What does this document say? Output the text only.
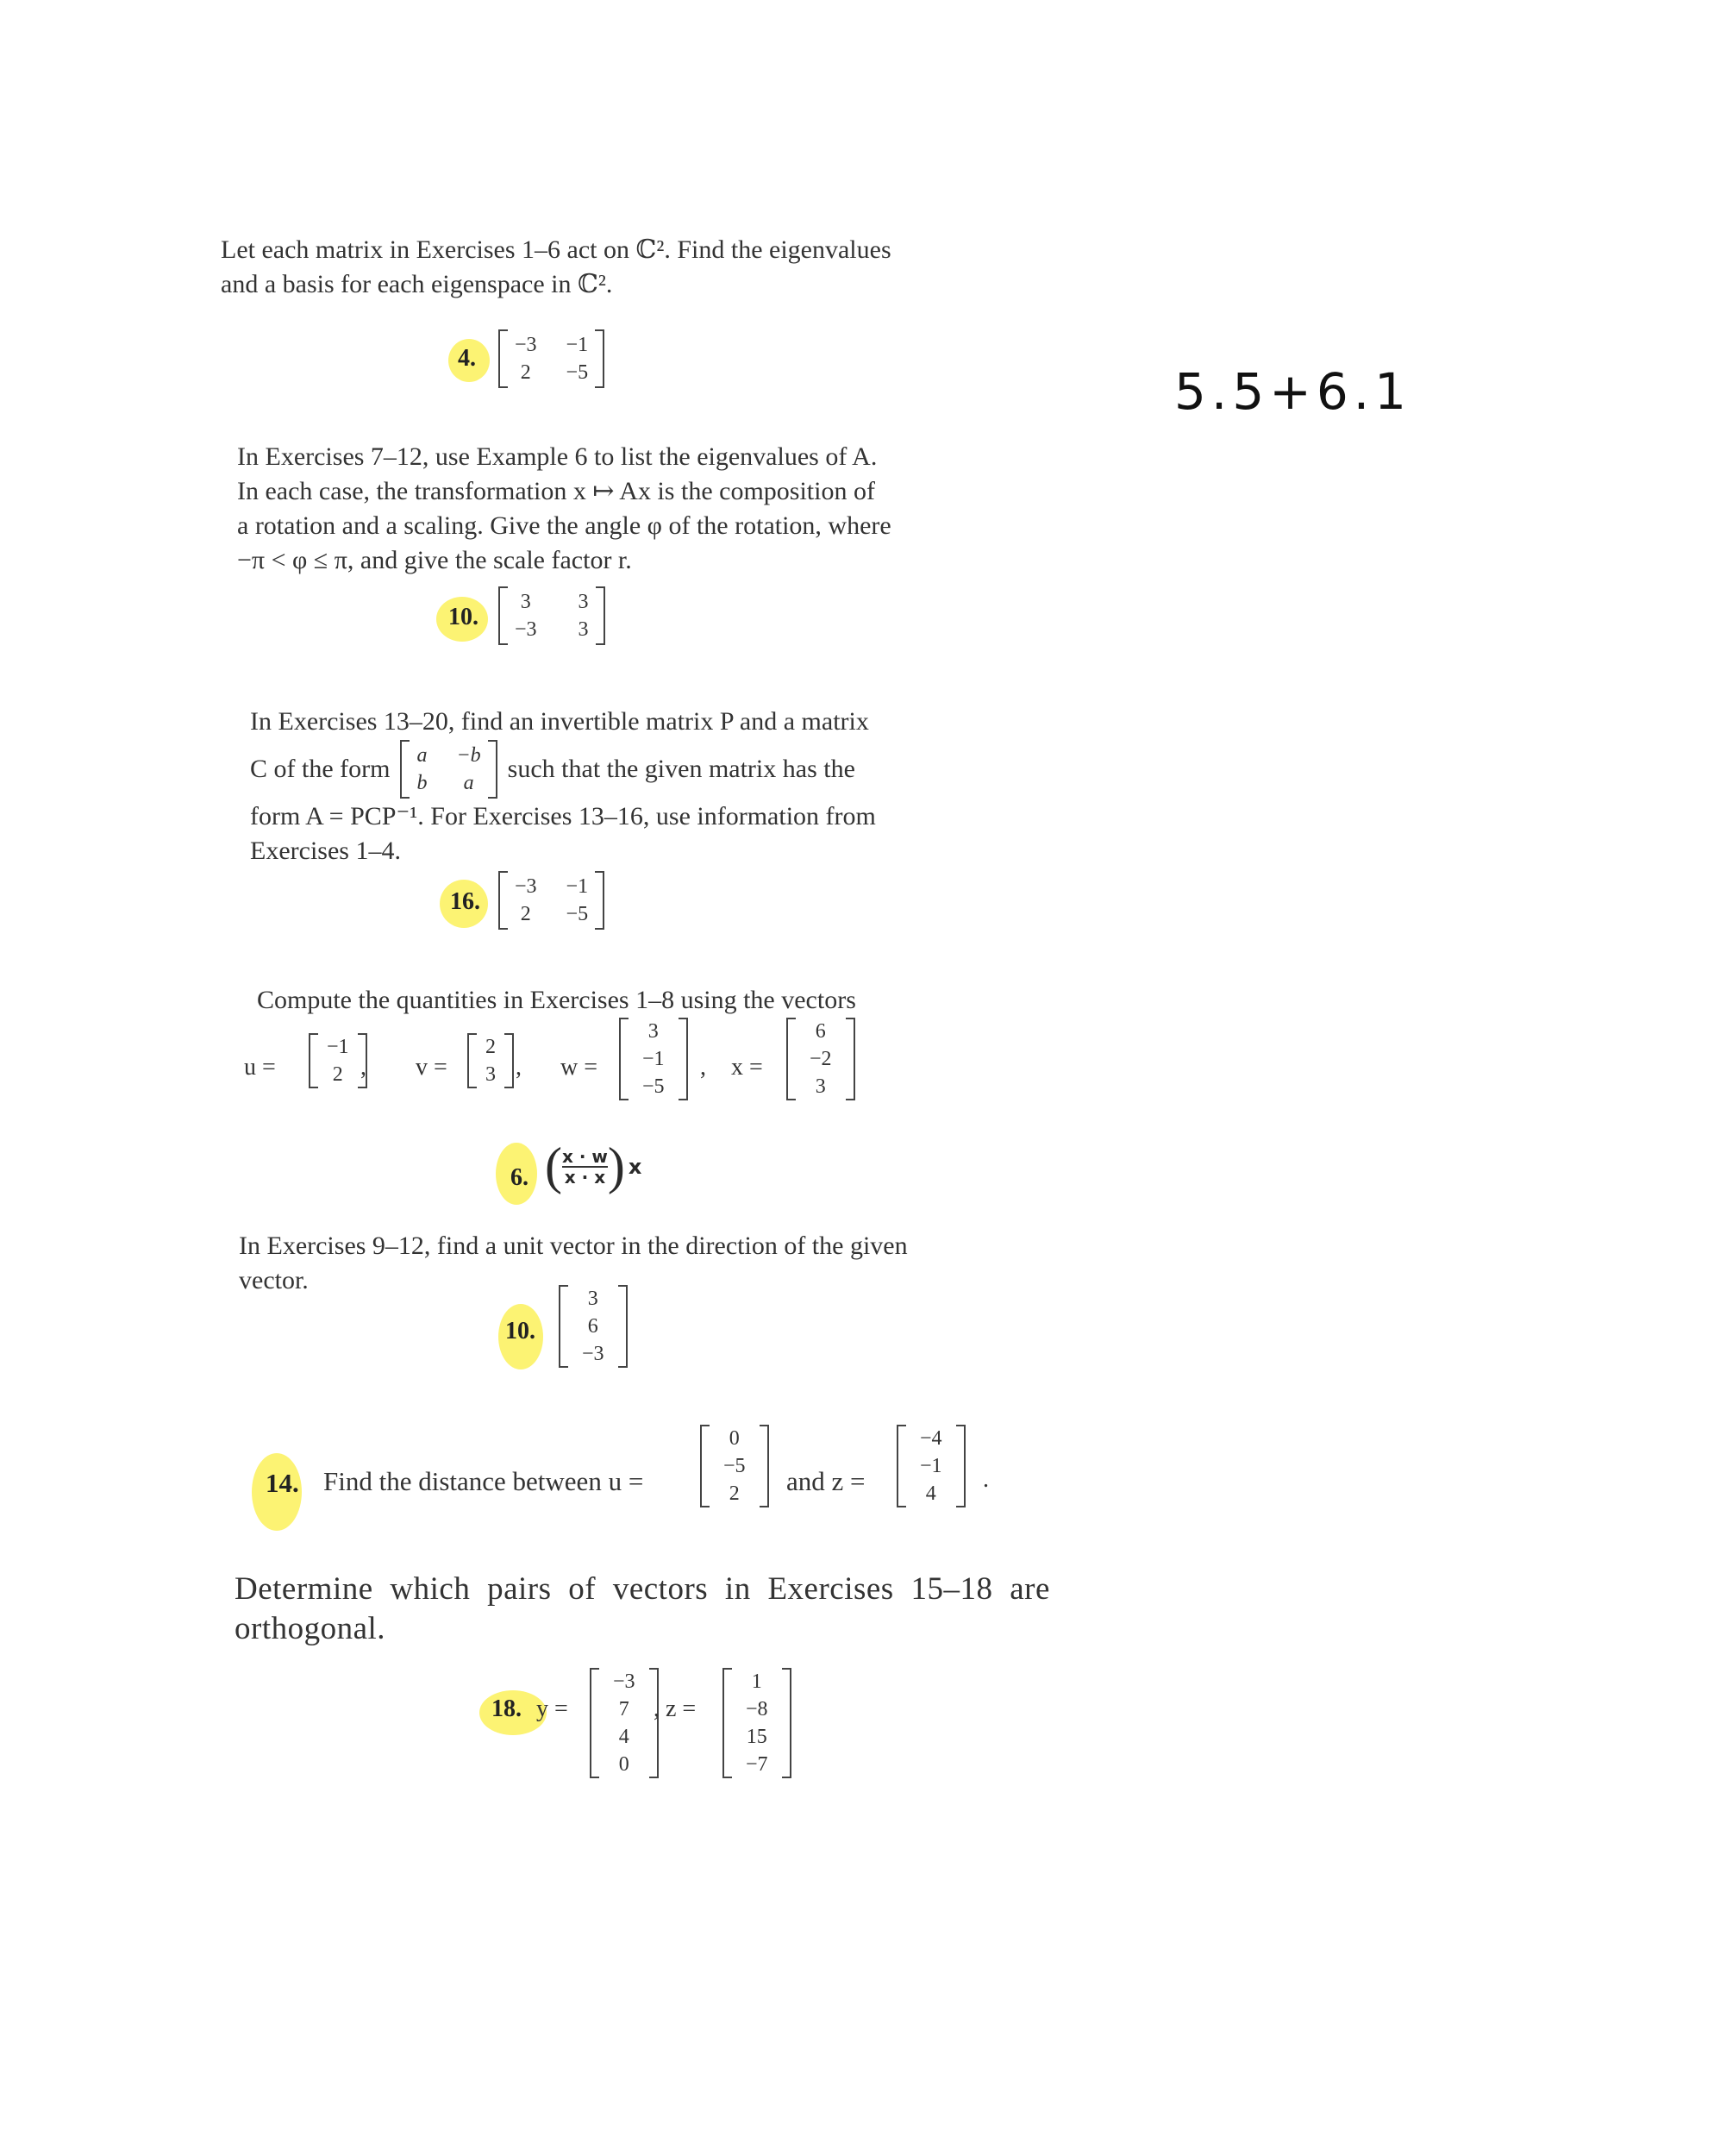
5.5+6.1
Let each matrix in Exercises 1–6 act on ℂ². Find the eigenvalues
and a basis for each eigenspace in ℂ².
4. −3 −1
2 −5
In Exercises 7–12, use Example 6 to list the eigenvalues of A.
In each case, the transformation x ↦ Ax is the composition of
a rotation and a scaling. Give the angle φ of the rotation, where
−π < φ ≤ π, and give the scale factor r.
10.
3 3
−3 3
In Exercises 13–20, find an invertible matrix P and a matrix
C of the form a −b
b	a such that the given matrix has the
form A = PCP⁻¹. For Exercises 13–16, use information from
Exercises 1–4.
16.
−3 −1
2 −5
Compute the quantities in Exercises 1–8 using the vectors
u =
−1
2 , v =
2
3 , w =
3
−1
−5
, x =
6
−2
3
6. ( $\frac{x \cdot w}{x \cdot x}$ ) x
In Exercises 9–12, find a unit vector in the direction of the given
vector.
10.
3
6
−3
14. Find the distance between u =
0
−5
2 and z =
−4
−1
4
.
Determine which pairs of vectors in Exercises 15–18 are
orthogonal.
18. y =
−3
7
4
0
, z =
1
−8
15
−7
